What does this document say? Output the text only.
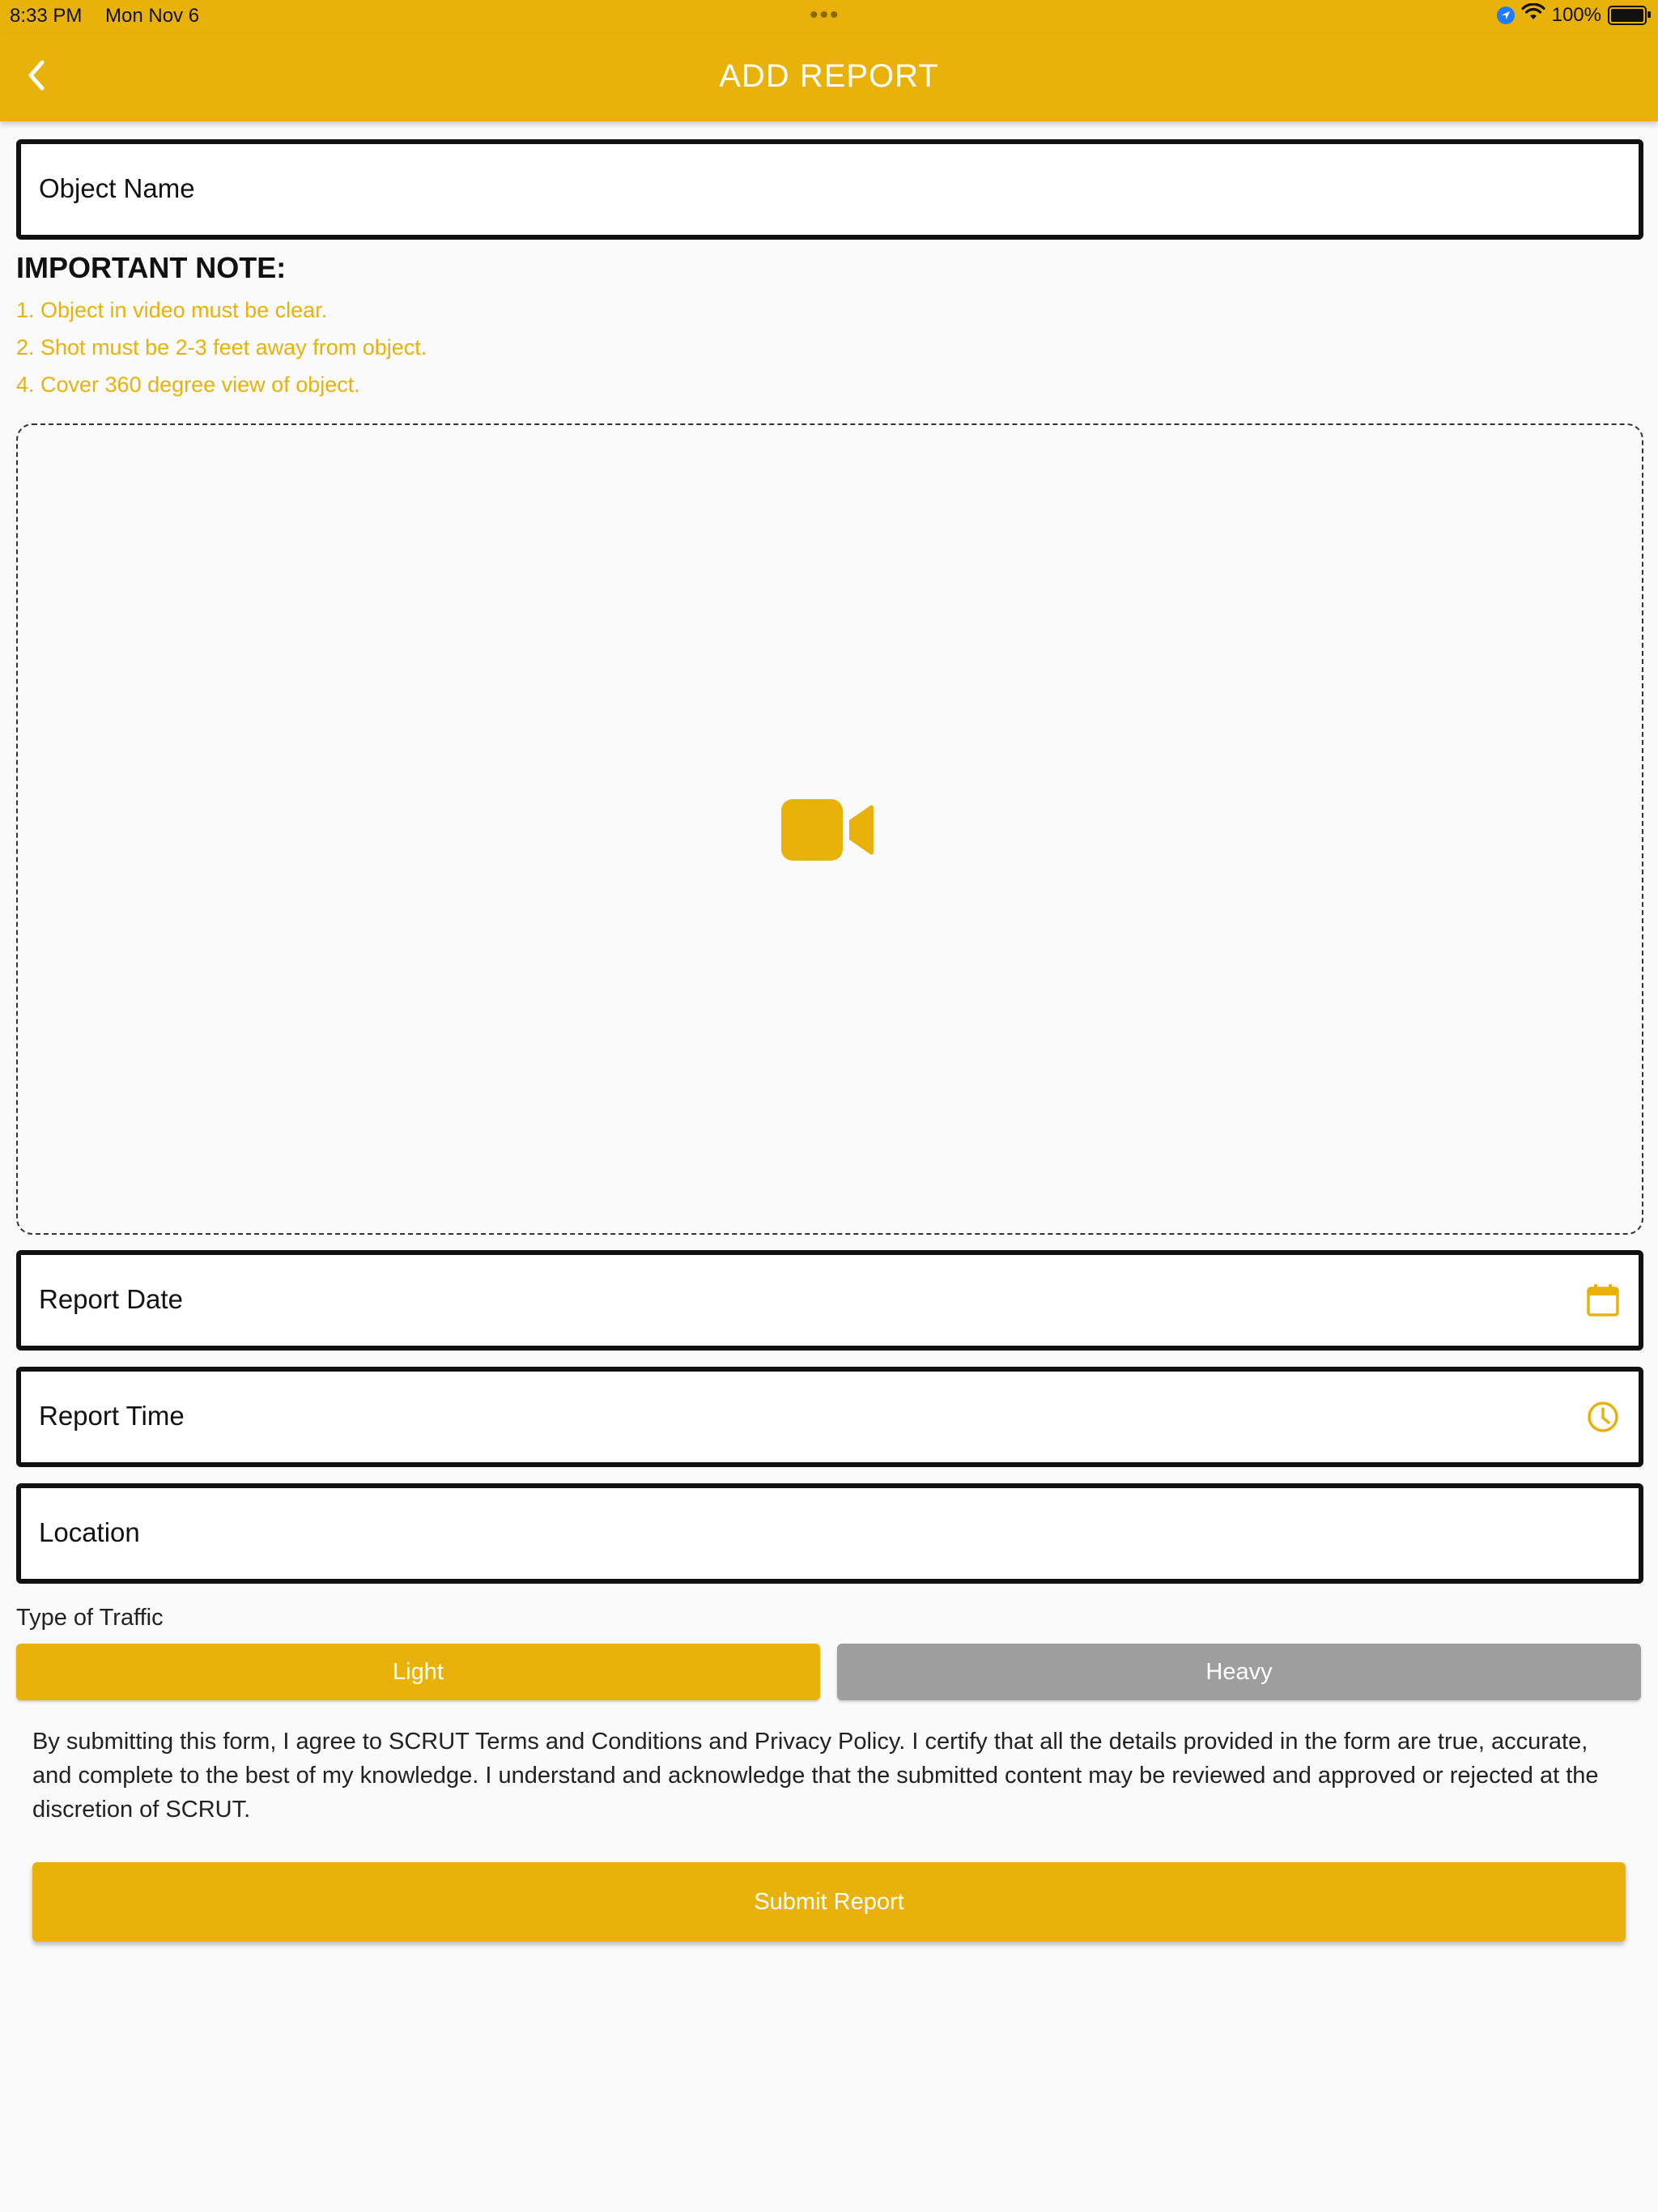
8:33 PM Mon Nov 6	•••	100%
ADD REPORT
Object Name
IMPORTANT NOTE:
1. Object in video must be clear.
2. Shot must be 2-3 feet away from object.
4. Cover 360 degree view of object.
Report Date
Report Time
Location
Type of Traffic
Light	Heavy
By submitting this form, I agree to SCRUT Terms and Conditions and Privacy Policy. I certify that all the details provided in the form are true, accurate, and complete to the best of my knowledge. I understand and acknowledge that the submitted content may be reviewed and approved or rejected at the discretion of SCRUT.
Submit Report
